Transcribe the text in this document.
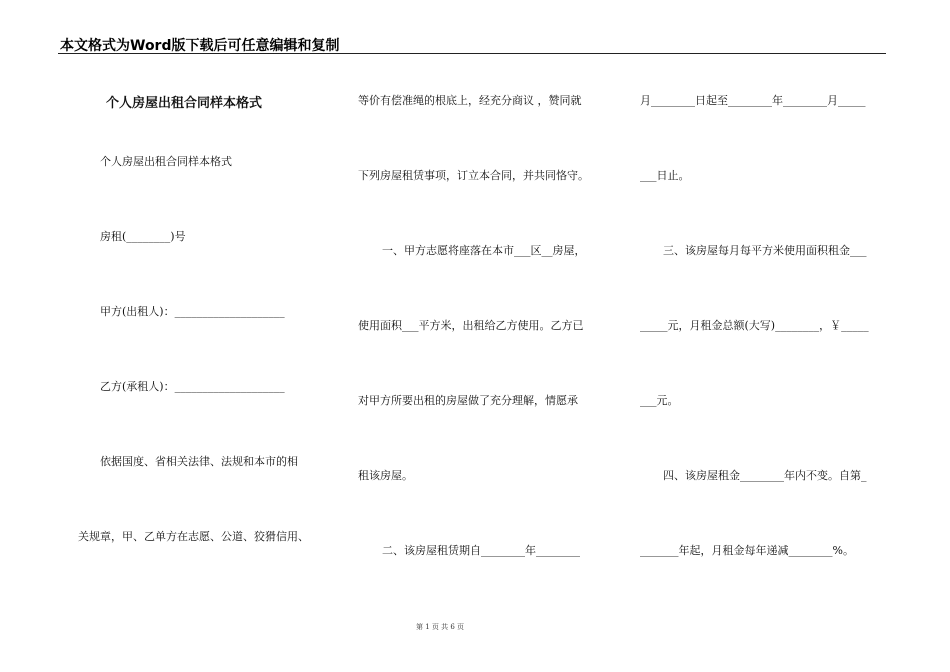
本文格式为Word版下载后可任意编辑和复制
个人房屋出租合同样本格式
个人房屋出租合同样本格式
房租(________)号
甲方(出租人)：____________________
乙方(承租人)：____________________
依据国度、省相关法律、法规和本市的相
关规章，甲、乙单方在志愿、公道、狡猾信用、
等价有偿准绳的根底上，经充分商议 ，赞同就
下列房屋租赁事项，订立本合同，并共同恪守。
一、甲方志愿将座落在本市___区__房屋，
使用面积___平方米，出租给乙方使用。乙方已
对甲方所要出租的房屋做了充分理解，情愿承
租该房屋。
二、该房屋租赁期自________年________
月________日起至________年________月_____
___日止。
三、该房屋每月每平方米使用面积租金___
_____元，月租金总额(大写)________，￥_____
___元。
四、该房屋租金________年内不变。自第_
_______年起，月租金每年递减________%。
第 1 页 共 6 页
